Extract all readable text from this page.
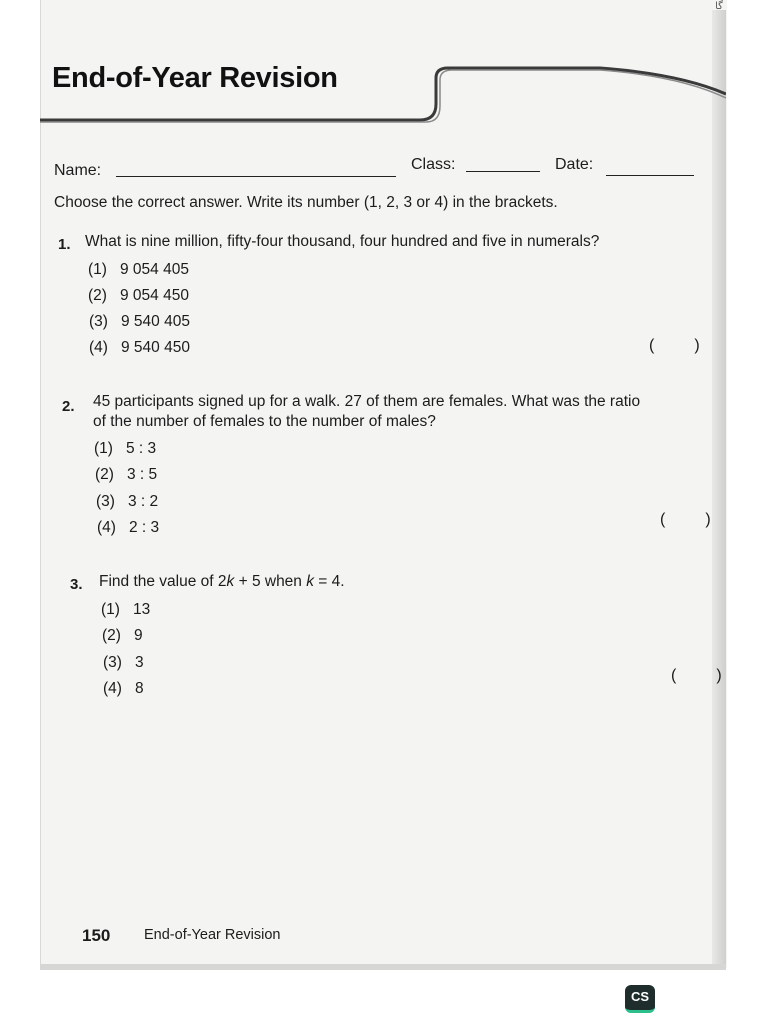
ﮔﺎ
End-of-Year Revision
Name:	Class:	Date:
Choose the correct answer. Write its number (1, 2, 3 or 4) in the brackets.
1. What is nine million, fifty-four thousand, four hundred and five in numerals?
(1) 9 054 405
(2) 9 054 450
(3) 9 540 405
(4) 9 540 450	(	)
2. 45 participants signed up for a walk. 27 of them are females. What was the ratio
of the number of females to the number of males?
(1) 5 : 3
(2) 3 : 5
(3) 3 : 2
(4) 2 : 3	(	)
3. Find the value of 2k + 5 when k = 4.
(1) 13
(2) 9
(3) 3
(4) 8
(	)
150 End-of-Year Revision
CS
